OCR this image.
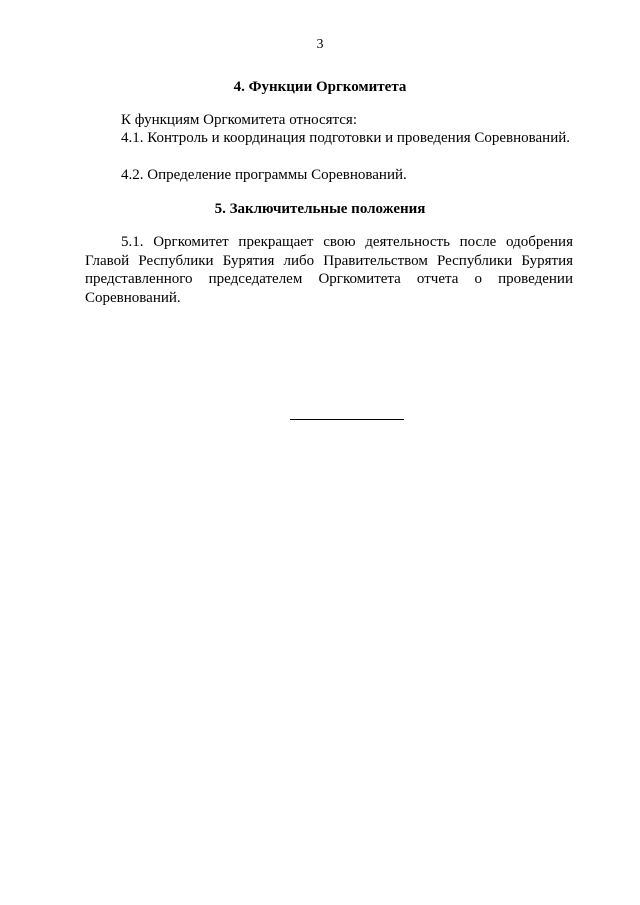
3
4. Функции Оргкомитета

К функциям Оргкомитета относятся:

4.1. Контроль и координация подготовки и проведения Соревнований.

4.2. Определение программы Соревнований.

5. Заключительные положения

5.1. Оргкомитет прекращает свою деятельность после одобрения Главой Республики Бурятия либо Правительством Республики Бурятия представленного председателем Оргкомитета отчета о проведении Соревнований.
